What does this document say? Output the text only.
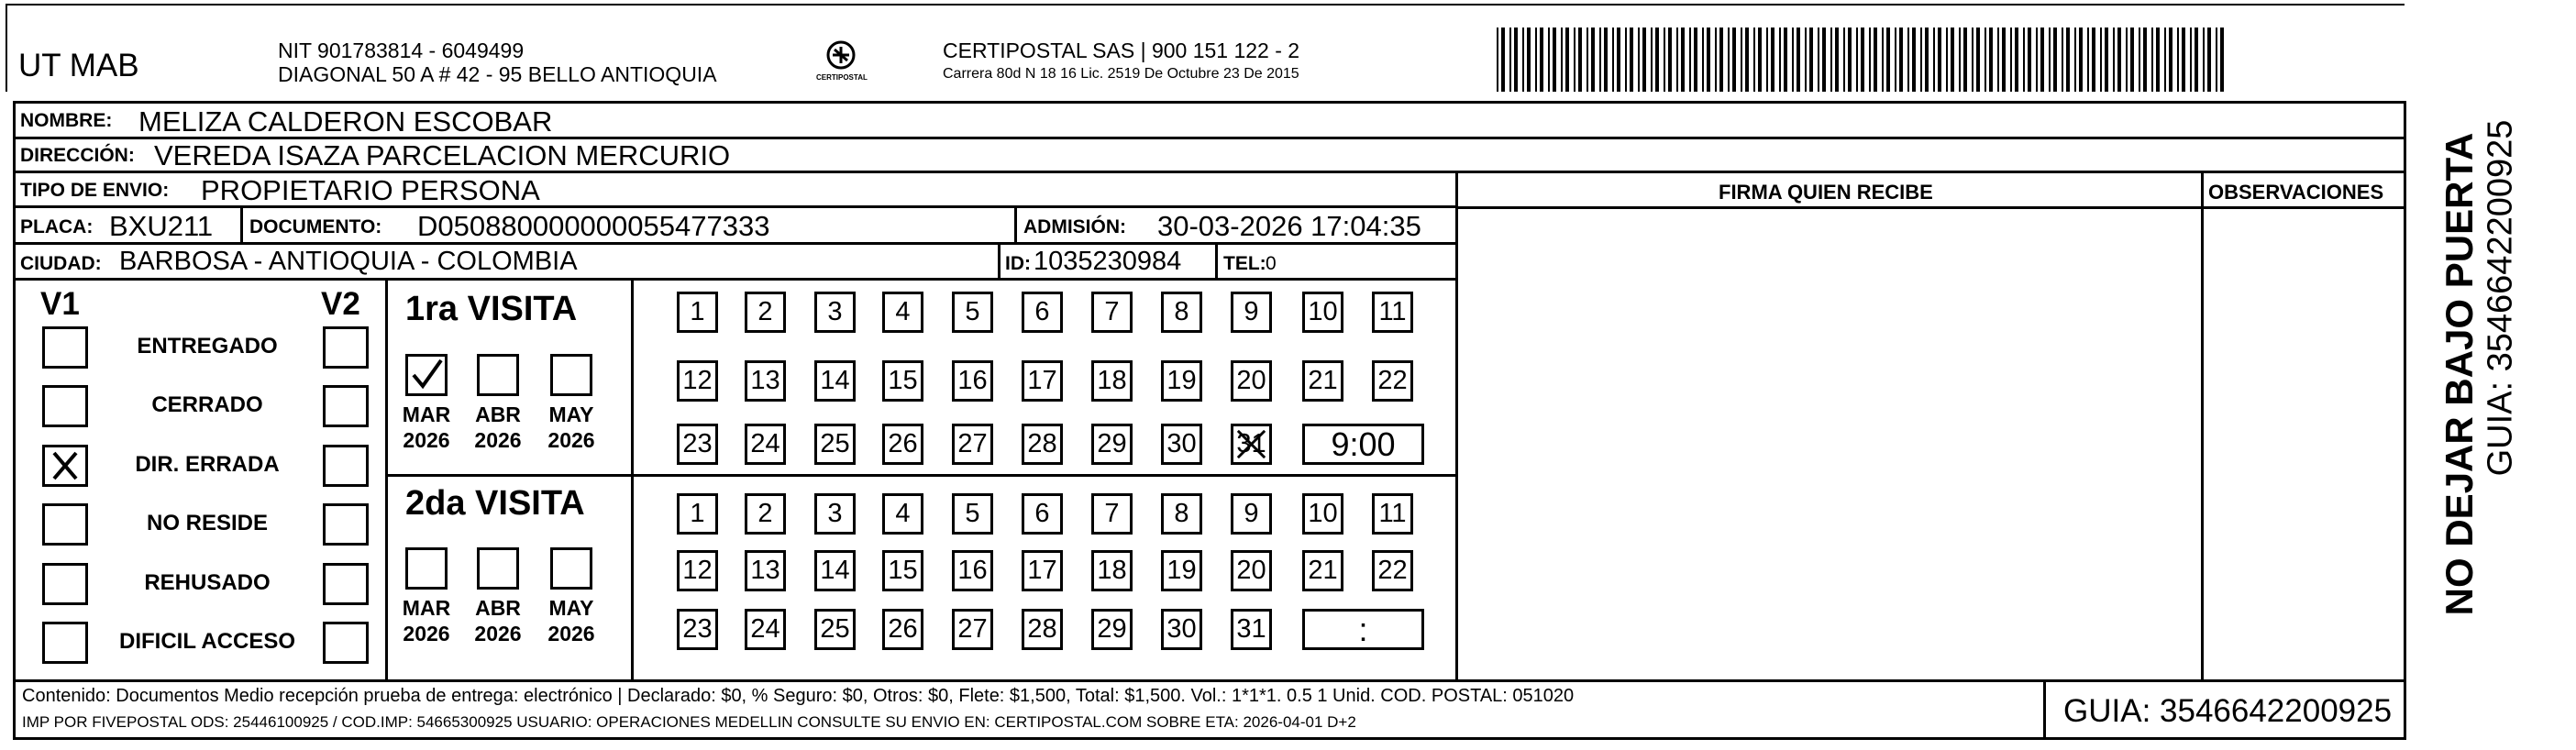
UT MAB	NIT 901783814 - 6049499
DIAGONAL 50 A # 42 - 95 BELLO ANTIOQUIA	CERTIPOSTAL
CERTIPOSTAL SAS | 900 151 122 - 2
Carrera 80d N 18 16 Lic. 2519 De Octubre 23 De 2015
NOMBRE: MELIZA CALDERON ESCOBAR
DIRECCIÓN: VEREDA ISAZA PARCELACION MERCURIO
TIPO DE ENVIO: PROPIETARIO PERSONA
PLACA: BXU211 DOCUMENTO: D050880000000055477333	ADMISIÓN: 30-03-2026 17:04:35
CIUDAD: BARBOSA - ANTIOQUIA - COLOMBIA	ID: 1035230984 TEL: 0
FIRMA QUIEN RECIBE	OBSERVACIONES
V1	V2 1ra VISITA
2da VISITA
Contenido: Documentos Medio recepción prueba de entrega: electrónico | Declarado: $0, % Seguro: $0, Otros: $0, Flete: $1,500, Total: $1,500. Vol.: 1*1*1. 0.5 1 Unid. COD. POSTAL: 051020
IMP POR FIVEPOSTAL ODS: 25446100925 / COD.IMP: 54665300925 USUARIO: OPERACIONES MEDELLIN CONSULTE SU ENVIO EN: CERTIPOSTAL.COM SOBRE ETA: 2026-04-01 D+2	GUIA: 3546642200925
NO DEJAR BAJO PUERTA GUIA: 3546642200925
ENTREGADO
CERRADO
DIR. ERRADA
NO RESIDE
REHUSADO
DIFICIL ACCESO
MAR
2026
ABR
2026
MAY
2026
MAR
2026
ABR
2026
MAY
2026
1	2	3	4	5	6	7	8	9	10 11
12 13 14 15 16 17 18 19 20 21 22
23 24 25 26 27 28 29 30 31	9:00
1	2	3	4	5	6	7	8	9	10 11
12 13 14 15 16 17 18 19 20 21 22
23 24 25 26 27 28 29 30 31	:
